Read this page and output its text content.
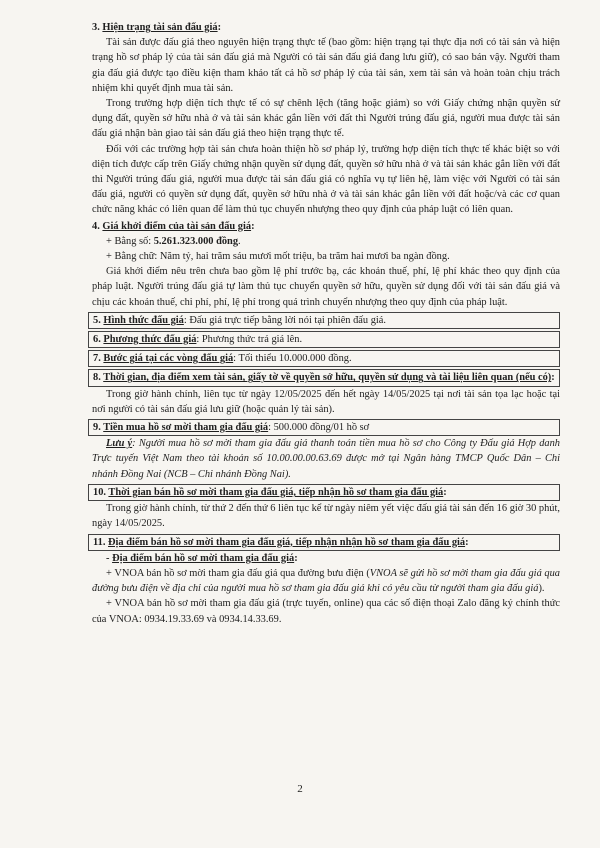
3. Hiện trạng tài sản đấu giá:

Tài sản được đấu giá theo nguyên hiện trạng thực tế (bao gồm: hiện trạng tại thực địa nơi có tài sản và hiện trạng hồ sơ pháp lý của tài sản đấu giá mà Người có tài sản đấu giá đang lưu giữ), có sao bán vậy. Người tham gia đấu giá được tạo điều kiện tham khảo tất cả hồ sơ pháp lý của tài sản, xem tài sản và hoàn toàn chịu trách nhiệm khi quyết định mua tài sản.

Trong trường hợp diện tích thực tế có sự chênh lệch (tăng hoặc giảm) so với Giấy chứng nhận quyền sử dụng đất, quyền sở hữu nhà ở và tài sản khác gắn liền với đất thì Người trúng đấu giá, người mua được tài sản đấu giá nhận bàn giao tài sản đấu giá theo hiện trạng thực tế.

Đối với các trường hợp tài sản chưa hoàn thiện hồ sơ pháp lý, trường hợp diện tích thực tế khác biệt so với diện tích được cấp trên Giấy chứng nhận quyền sử dụng đất, quyền sở hữu nhà ở và tài sản khác gắn liền với đất thì Người trúng đấu giá, người mua được tài sản đấu giá có nghĩa vụ tự liên hệ, làm việc với Người có tài sản đấu giá, người có quyền sử dụng đất, quyền sở hữu nhà ở và tài sản khác gắn liền với đất hoặc/và các cơ quan chức năng khác có liên quan để làm thủ tục chuyển nhượng theo quy định của pháp luật có liên quan.

4. Giá khởi điểm của tài sản đấu giá:

+ Bằng số: 5.261.323.000 đồng.

+ Bằng chữ: Năm tỷ, hai trăm sáu mươi mốt triệu, ba trăm hai mươi ba ngàn đồng.

Giá khởi điểm nêu trên chưa bao gồm lệ phí trước bạ, các khoản thuế, phí, lệ phí khác theo quy định của pháp luật. Người trúng đấu giá tự làm thủ tục chuyển quyền sở hữu, quyền sử dụng đối với tài sản đấu giá và chịu các khoản thuế, chi phí, phí, lệ phí trong quá trình chuyển nhượng theo quy định của pháp luật.

5. Hình thức đấu giá: Đấu giá trực tiếp bằng lời nói tại phiên đấu giá.

6. Phương thức đấu giá: Phương thức trả giá lên.

7. Bước giá tại các vòng đấu giá: Tối thiểu 10.000.000 đồng.

8. Thời gian, địa điểm xem tài sản, giấy tờ về quyền sở hữu, quyền sử dụng và tài liệu liên quan (nếu có):

Trong giờ hành chính, liên tục từ ngày 12/05/2025 đến hết ngày 14/05/2025 tại nơi tài sản tọa lạc hoặc tại nơi người có tài sản đấu giá lưu giữ (hoặc quản lý tài sản).

9. Tiền mua hồ sơ mời tham gia đấu giá: 500.000 đồng/01 hồ sơ

Lưu ý: Người mua hồ sơ mời tham gia đấu giá thanh toán tiền mua hồ sơ cho Công ty Đấu giá Hợp danh Trực tuyến Việt Nam theo tài khoản số 10.00.00.00.63.69 được mở tại Ngân hàng TMCP Quốc Dân – Chi nhánh Đồng Nai (NCB – Chi nhánh Đồng Nai).

10. Thời gian bán hồ sơ mời tham gia đấu giá, tiếp nhận hồ sơ tham gia đấu giá:

Trong giờ hành chính, từ thứ 2 đến thứ 6 liên tục kể từ ngày niêm yết việc đấu giá tài sản đến 16 giờ 30 phút, ngày 14/05/2025.

11. Địa điểm bán hồ sơ mời tham gia đấu giá, tiếp nhận nhận hồ sơ tham gia đấu giá:

- Địa điểm bán hồ sơ mời tham gia đấu giá:

+ VNOA bán hồ sơ mời tham gia đấu giá qua đường bưu điện (VNOA sẽ gửi hồ sơ mời tham gia đấu giá qua đường bưu điện về địa chỉ của người mua hồ sơ tham gia đấu giá khi có yêu cầu từ người tham gia đấu giá).

+ VNOA bán hồ sơ mời tham gia đấu giá (trực tuyến, online) qua các số điện thoại Zalo đăng ký chính thức của VNOA: 0934.19.33.69 và 0934.14.33.69.

2
